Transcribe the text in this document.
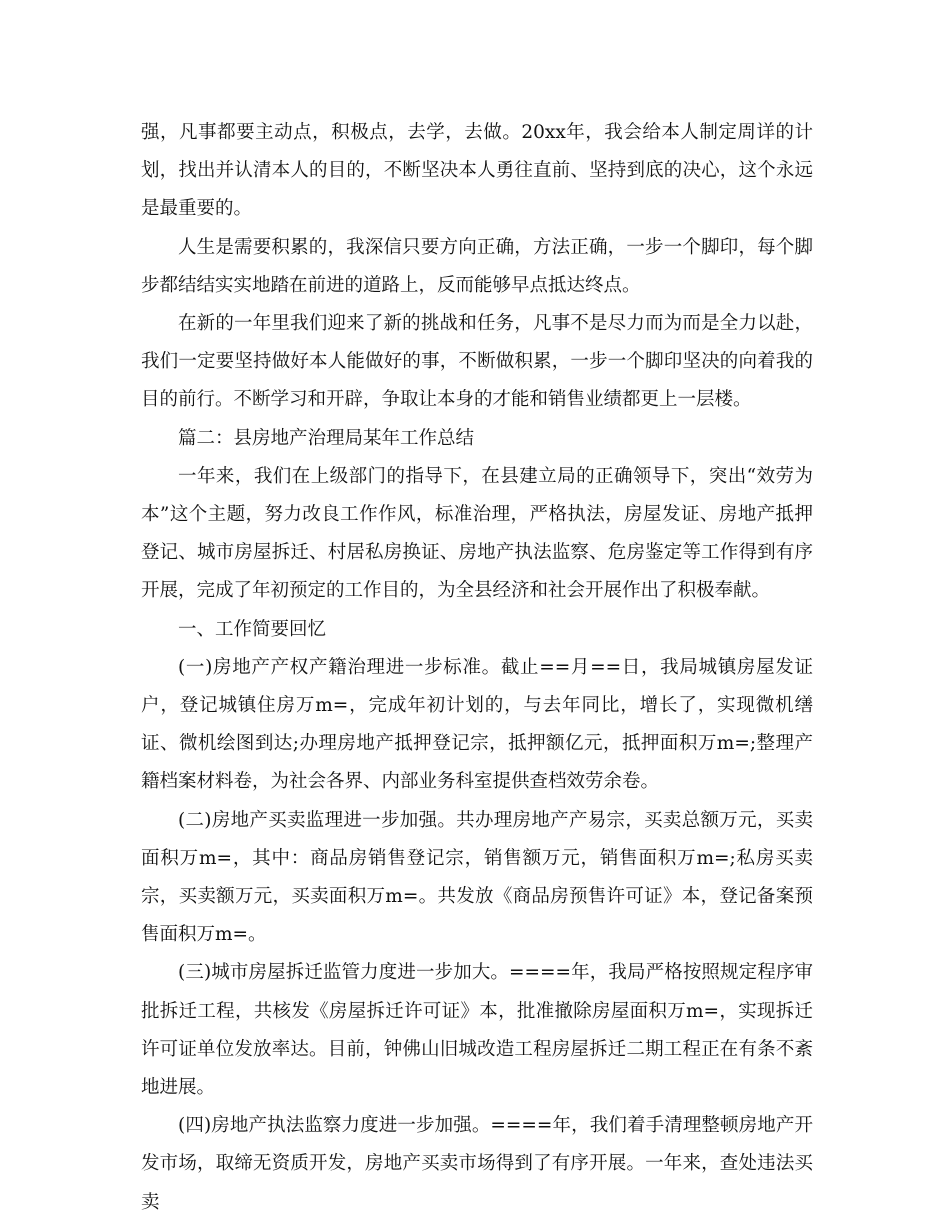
强，凡事都要主动点，积极点，去学，去做。20xx年，我会给本人制定周详的计划，找出并认清本人的目的，不断坚决本人勇往直前、坚持到底的决心，这个永远是最重要的。

人生是需要积累的，我深信只要方向正确，方法正确，一步一个脚印，每个脚步都结结实实地踏在前进的道路上，反而能够早点抵达终点。

在新的一年里我们迎来了新的挑战和任务，凡事不是尽力而为而是全力以赴，我们一定要坚持做好本人能做好的事，不断做积累，一步一个脚印坚决的向着我的目的前行。不断学习和开辟，争取让本身的才能和销售业绩都更上一层楼。

篇二：县房地产治理局某年工作总结

一年来，我们在上级部门的指导下，在县建立局的正确领导下，突出“效劳为本”这个主题，努力改良工作作风，标准治理，严格执法，房屋发证、房地产抵押登记、城市房屋拆迁、村居私房换证、房地产执法监察、危房鉴定等工作得到有序开展，完成了年初预定的工作目的，为全县经济和社会开展作出了积极奉献。

一、工作简要回忆

(一)房地产产权产籍治理进一步标准。截止==月==日，我局城镇房屋发证户，登记城镇住房万m=，完成年初计划的，与去年同比，增长了，实现微机缮证、微机绘图到达;办理房地产抵押登记宗，抵押额亿元，抵押面积万m=;整理产籍档案材料卷，为社会各界、内部业务科室提供查档效劳余卷。

(二)房地产买卖监理进一步加强。共办理房地产产易宗，买卖总额万元，买卖面积万m=，其中：商品房销售登记宗，销售额万元，销售面积万m=;私房买卖宗，买卖额万元，买卖面积万m=。共发放《商品房预售许可证》本，登记备案预售面积万m=。

(三)城市房屋拆迁监管力度进一步加大。====年，我局严格按照规定程序审批拆迁工程，共核发《房屋拆迁许可证》本，批准撤除房屋面积万m=，实现拆迁许可证单位发放率达。目前，钟佛山旧城改造工程房屋拆迁二期工程正在有条不紊地进展。

(四)房地产执法监察力度进一步加强。====年，我们着手清理整顿房地产开发市场，取缔无资质开发，房地产买卖市场得到了有序开展。一年来，查处违法买卖
